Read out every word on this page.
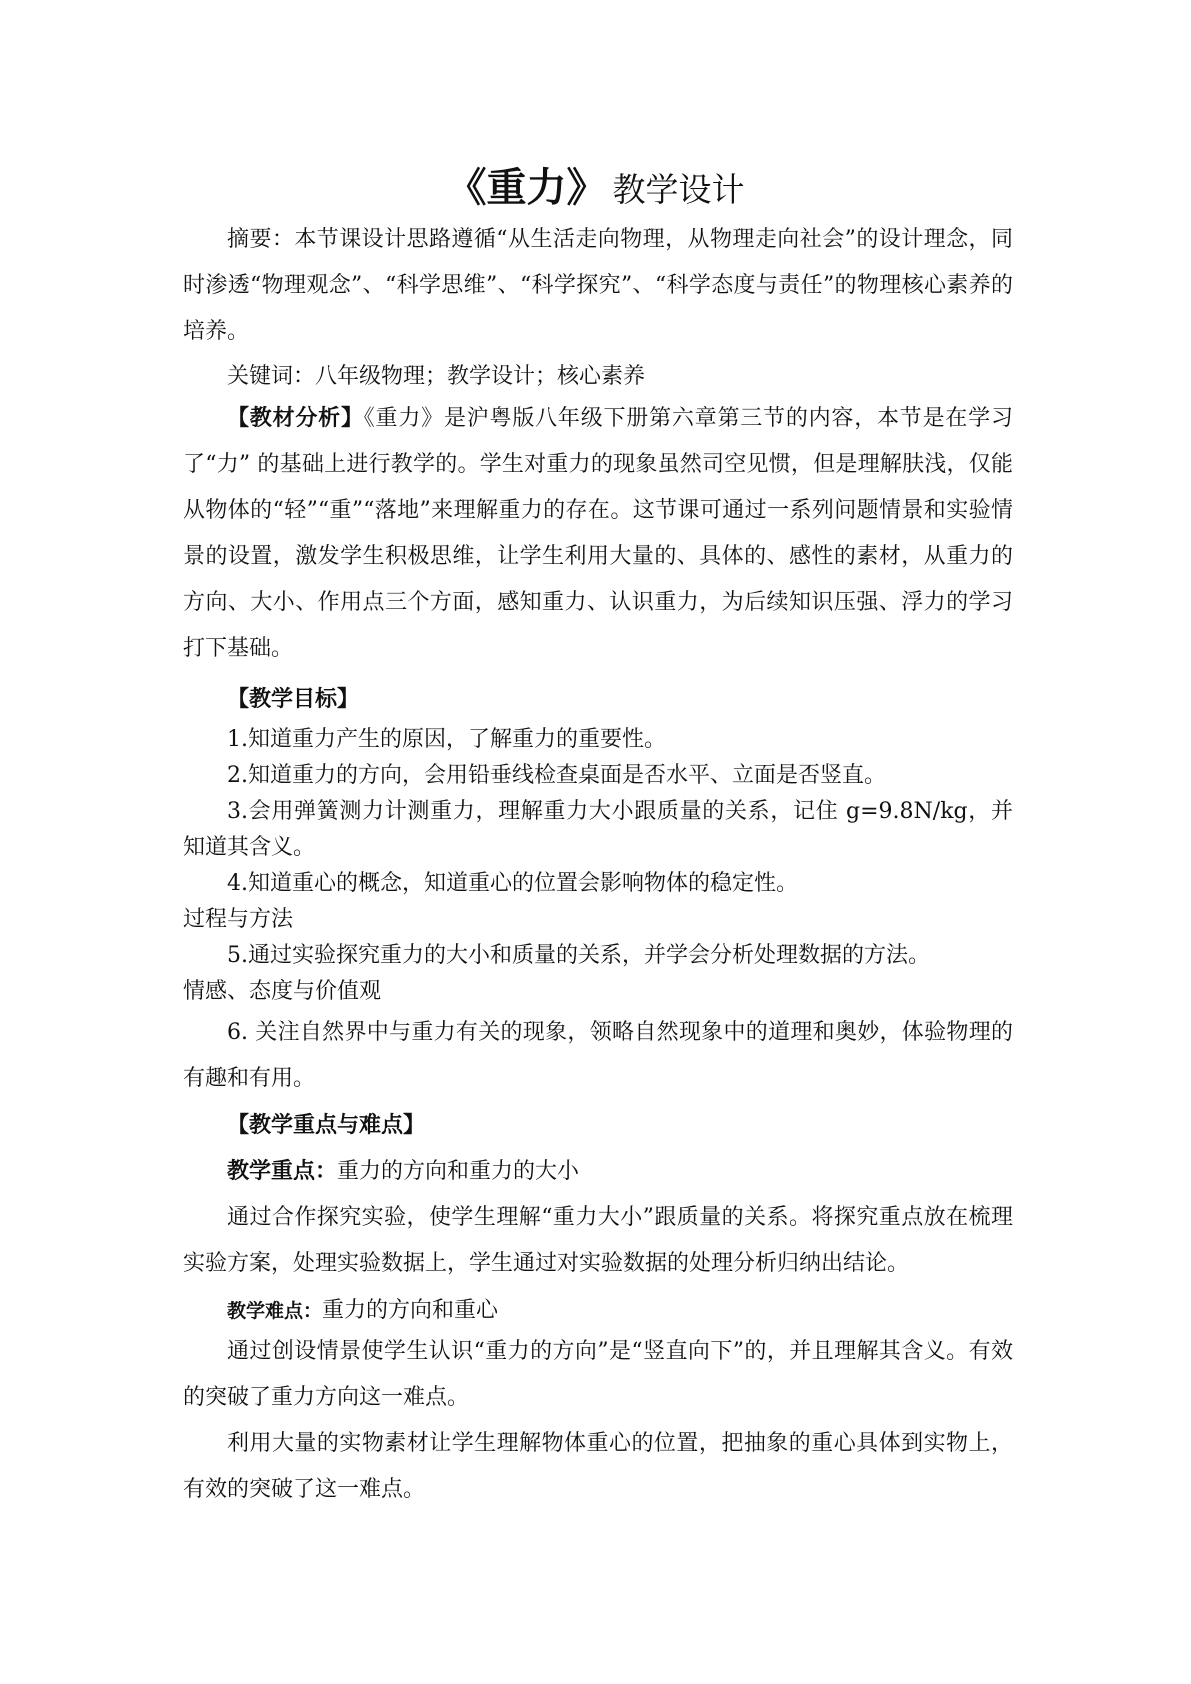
《重力》 教学设计

摘要：本节课设计思路遵循“从生活走向物理，从物理走向社会”的设计理念，同时渗透“物理观念”、“科学思维”、“科学探究”、“科学态度与责任”的物理核心素养的培养。

关键词：八年级物理；教学设计；核心素养

【教材分析】《重力》是沪粤版八年级下册第六章第三节的内容，本节是在学习了“力” 的基础上进行教学的。学生对重力的现象虽然司空见惯，但是理解肤浅，仅能从物体的“轻”“重”“落地”来理解重力的存在。这节课可通过一系列问题情景和实验情景的设置，激发学生积极思维，让学生利用大量的、具体的、感性的素材，从重力的方向、大小、作用点三个方面，感知重力、认识重力，为后续知识压强、浮力的学习打下基础。

【教学目标】

1.知道重力产生的原因，了解重力的重要性。

2.知道重力的方向，会用铅垂线检查桌面是否水平、立面是否竖直。

3.会用弹簧测力计测重力，理解重力大小跟质量的关系，记住 g=9.8N/kg，并知道其含义。

4.知道重心的概念，知道重心的位置会影响物体的稳定性。

过程与方法

5.通过实验探究重力的大小和质量的关系，并学会分析处理数据的方法。

情感、态度与价值观

6. 关注自然界中与重力有关的现象，领略自然现象中的道理和奥妙，体验物理的有趣和有用。

【教学重点与难点】

教学重点：重力的方向和重力的大小

通过合作探究实验，使学生理解“重力大小”跟质量的关系。将探究重点放在梳理实验方案，处理实验数据上，学生通过对实验数据的处理分析归纳出结论。

教学难点：重力的方向和重心

通过创设情景使学生认识“重力的方向”是“竖直向下”的，并且理解其含义。有效的突破了重力方向这一难点。

利用大量的实物素材让学生理解物体重心的位置，把抽象的重心具体到实物上，有效的突破了这一难点。
